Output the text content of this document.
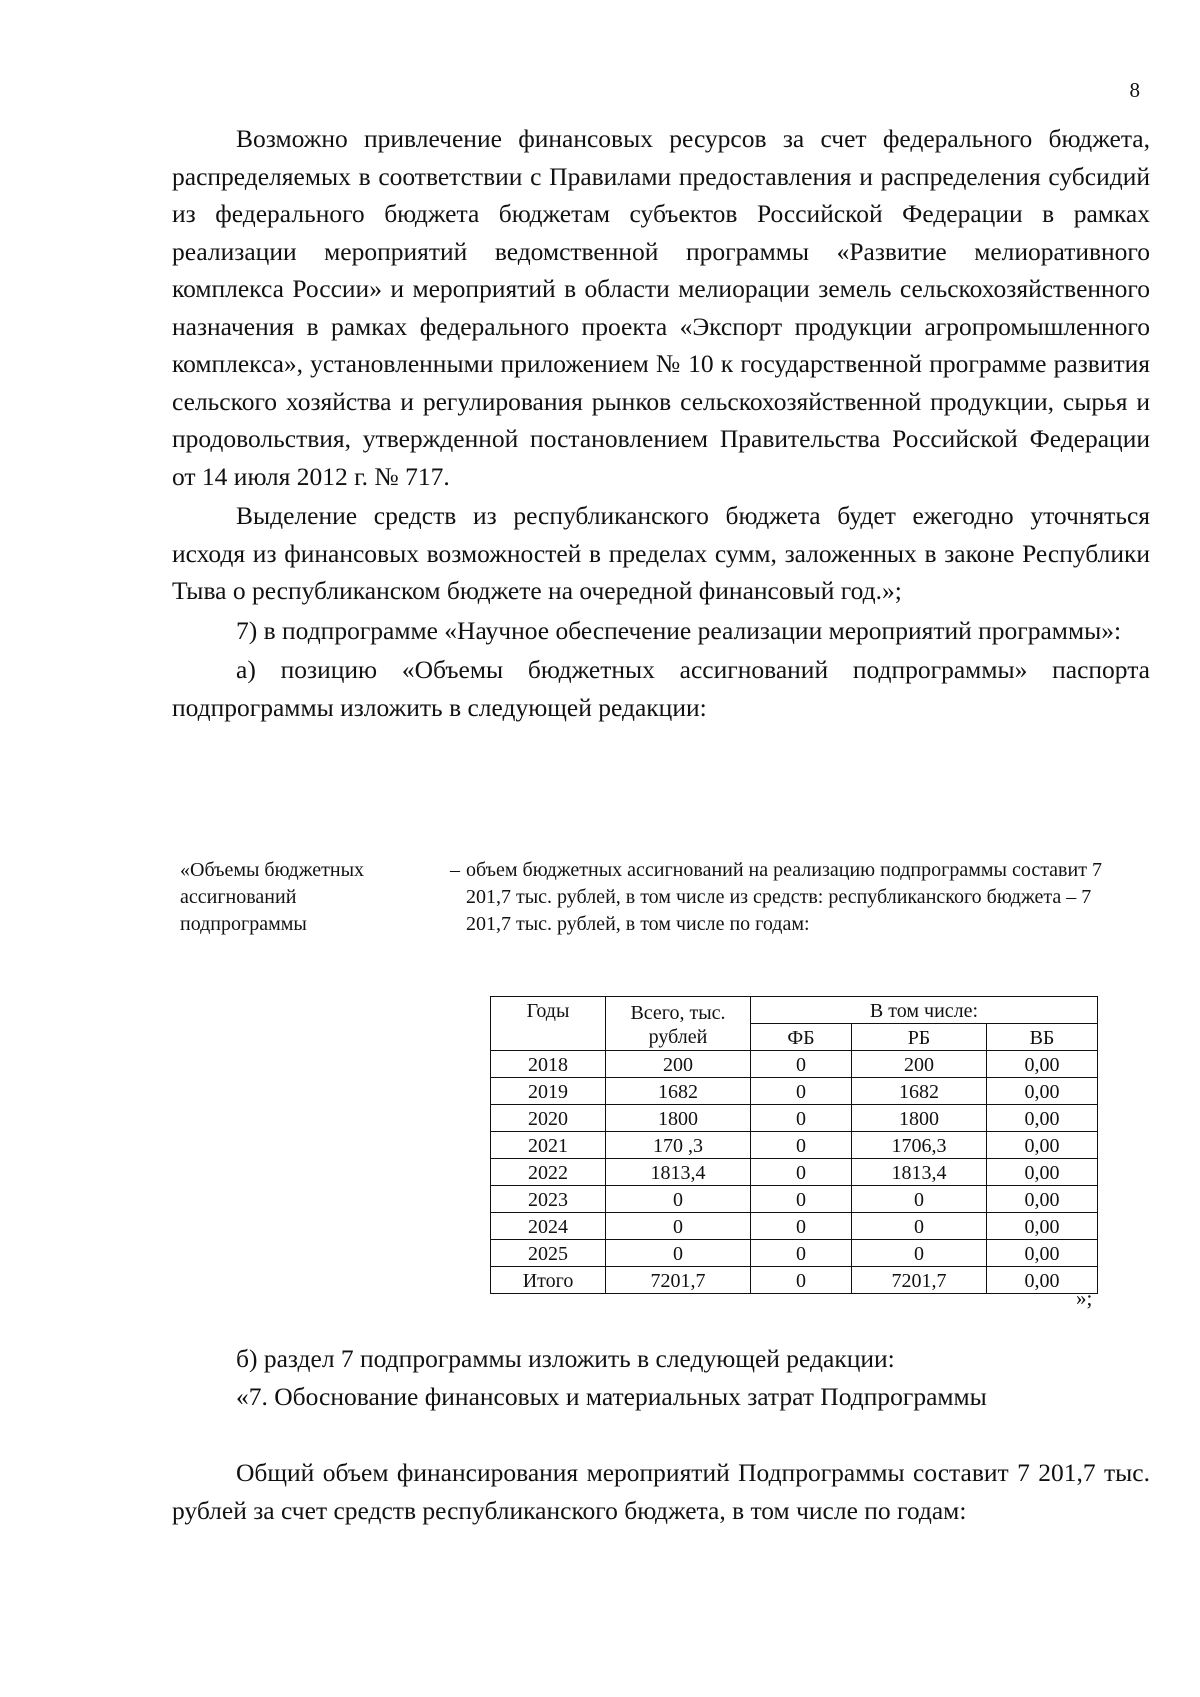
8

Возможно привлечение финансовых ресурсов за счет федерального бюджета, распределяемых в соответствии с Правилами предоставления и распределения субсидий из федерального бюджета бюджетам субъектов Российской Федерации в рамках реализации мероприятий ведомственной программы «Развитие мелиоративного комплекса России» и мероприятий в области мелиорации земель сельскохозяйственного назначения в рамках федерального проекта «Экспорт продукции агропромышленного комплекса», установленными приложением № 10 к государственной программе развития сельского хозяйства и регулирования рынков сельскохозяйственной продукции, сырья и продовольствия, утвержденной постановлением Правительства Российской Федерации от 14 июля 2012 г. № 717.

Выделение средств из республиканского бюджета будет ежегодно уточняться исходя из финансовых возможностей в пределах сумм, заложенных в законе Республики Тыва о республиканском бюджете на очередной финансовый год.»;

7) в подпрограмме «Научное обеспечение реализации мероприятий программы»:

а) позицию «Объемы бюджетных ассигнований подпрограммы» паспорта подпрограммы изложить в следующей редакции:

«Объемы бюджетных ассигнований подпрограммы
– объем бюджетных ассигнований на реализацию подпрограммы составит 7 201,7 тыс. рублей, в том числе из средств: республиканского бюджета – 7 201,7 тыс. рублей, в том числе по годам:
Годы	Всего, тыс. рублей	В том числе:		
		ФБ	РБ	ВБ
2018	200	0	200	0,00
2019	1682	0	1682	0,00
2020	1800	0	1800	0,00
2021	170 ,3	0	1706,3	0,00
2022	1813,4	0	1813,4	0,00
2023	0	0	0	0,00
2024	0	0	0	0,00
2025	0	0	0	0,00
Итого	7201,7	0	7201,7	0,00
»;

б) раздел 7 подпрограммы изложить в следующей редакции:

«7. Обоснование финансовых и материальных затрат Подпрограммы

Общий объем финансирования мероприятий Подпрограммы составит 7 201,7 тыс. рублей за счет средств республиканского бюджета, в том числе по годам:
